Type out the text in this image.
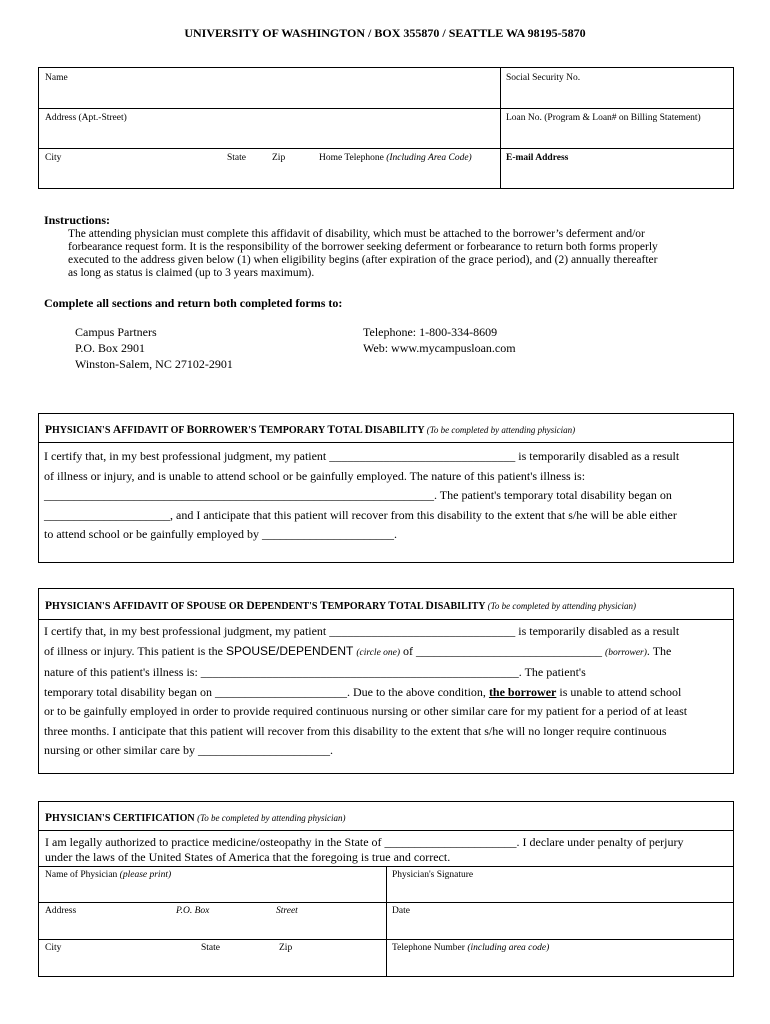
UNIVERSITY OF WASHINGTON / BOX 355870 / SEATTLE WA 98195-5870
Name	Social Security No.
Address (Apt.-Street)	Loan No. (Program & Loan# on Billing Statement)
City	State	Zip	Home Telephone (Including Area Code)	E-mail Address
Instructions:
The attending physician must complete this affidavit of disability, which must be attached to the borrower’s deferment and/or
forbearance request form. It is the responsibility of the borrower seeking deferment or forbearance to return both forms properly
executed to the address given below (1) when eligibility begins (after expiration of the grace period), and (2) annually thereafter
as long as status is claimed (up to 3 years maximum).
Complete all sections and return both completed forms to:
Campus Partners
P.O. Box 2901
Winston-Salem, NC 27102-2901
Telephone: 1-800-334-8609
Web: www.mycampusloan.com
PHYSICIAN'S AFFIDAVIT OF BORROWER'S TEMPORARY TOTAL DISABILITY (To be completed by attending physician)
I certify that, in my best professional judgment, my patient _______________________________ is temporarily disabled as a result
of illness or injury, and is unable to attend school or be gainfully employed. The nature of this patient's illness is:
_________________________________________________________________. The patient's temporary total disability began on
_____________________, and I anticipate that this patient will recover from this disability to the extent that s/he will be able either
to attend school or be gainfully employed by ______________________.
PHYSICIAN'S AFFIDAVIT OF SPOUSE OR DEPENDENT'S TEMPORARY TOTAL DISABILITY (To be completed by attending physician)
I certify that, in my best professional judgment, my patient _______________________________ is temporarily disabled as a result
of illness or injury. This patient is the SPOUSE/DEPENDENT (circle one) of _______________________________ (borrower). The
nature of this patient's illness is: _____________________________________________________. The patient's
temporary total disability began on ______________________. Due to the above condition, the borrower is unable to attend school
or to be gainfully employed in order to provide required continuous nursing or other similar care for my patient for a period of at least
three months. I anticipate that this patient will recover from this disability to the extent that s/he will no longer require continuous
nursing or other similar care by ______________________.
PHYSICIAN'S CERTIFICATION (To be completed by attending physician)
I am legally authorized to practice medicine/osteopathy in the State of ______________________. I declare under penalty of perjury
under the laws of the United States of America that the foregoing is true and correct.
Name of Physician (please print)	Physician's Signature
Address	P.O. Box	Street	Date
City	State	Zip	Telephone Number (including area code)
